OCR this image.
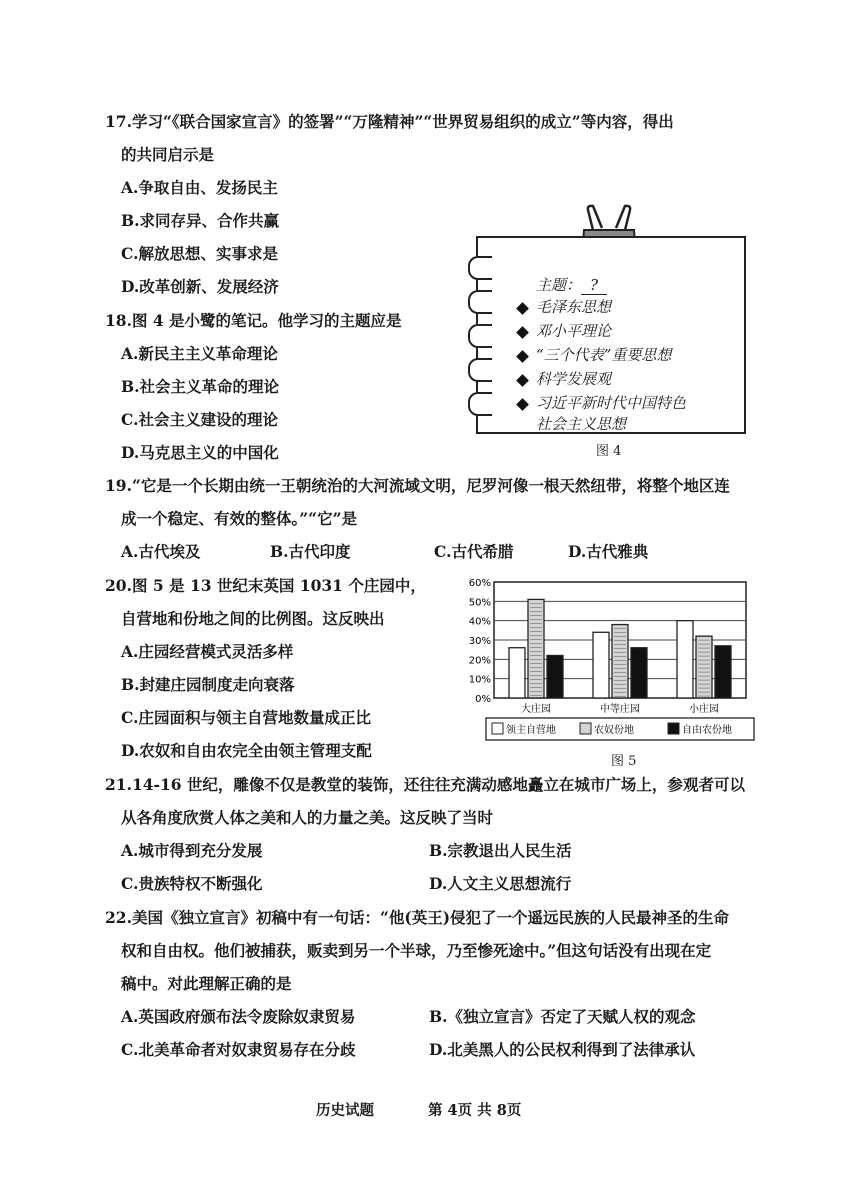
17.学习“《联合国家宣言》的签署”“万隆精神”“世界贸易组织的成立”等内容，得出
的共同启示是
A.争取自由、发扬民主
B.求同存异、合作共赢
C.解放思想、实事求是
D.改革创新、发展经济
18.图 4 是小鹭的笔记。他学习的主题应是
A.新民主主义革命理论
B.社会主义革命的理论
C.社会主义建设的理论
D.马克思主义的中国化
主题： ?
毛泽东思想
邓小平理论
“三个代表”重要思想
科学发展观
习近平新时代中国特色
社会主义思想
图 4
19.“它是一个长期由统一王朝统治的大河流域文明，尼罗河像一根天然纽带，将整个地区连
成一个稳定、有效的整体。”“它”是
A.古代埃及	B.古代印度	C.古代希腊	D.古代雅典
20.图 5 是 13 世纪末英国 1031 个庄园中，
自营地和份地之间的比例图。这反映出
A.庄园经营模式灵活多样
B.封建庄园制度走向衰落
C.庄园面积与领主自营地数量成正比
D.农奴和自由农完全由领主管理支配
0%
10%
20%
30%
40%
50%
60%
大庄园	中等庄园	小庄园
领主自营地	农奴份地	自由农份地
图 5
21.14-16 世纪，雕像不仅是教堂的装饰，还往往充满动感地矗立在城市广场上，参观者可以
从各角度欣赏人体之美和人的力量之美。这反映了当时
A.城市得到充分发展	B.宗教退出人民生活
C.贵族特权不断强化	D.人文主义思想流行
22.美国《独立宣言》初稿中有一句话：“他(英王)侵犯了一个遥远民族的人民最神圣的生命
权和自由权。他们被捕获，贩卖到另一个半球，乃至惨死途中。”但这句话没有出现在定
稿中。对此理解正确的是
A.英国政府颁布法令废除奴隶贸易	B.《独立宣言》否定了天赋人权的观念
C.北美革命者对奴隶贸易存在分歧	D.北美黑人的公民权利得到了法律承认
历史试题	第 4页 共 8页
